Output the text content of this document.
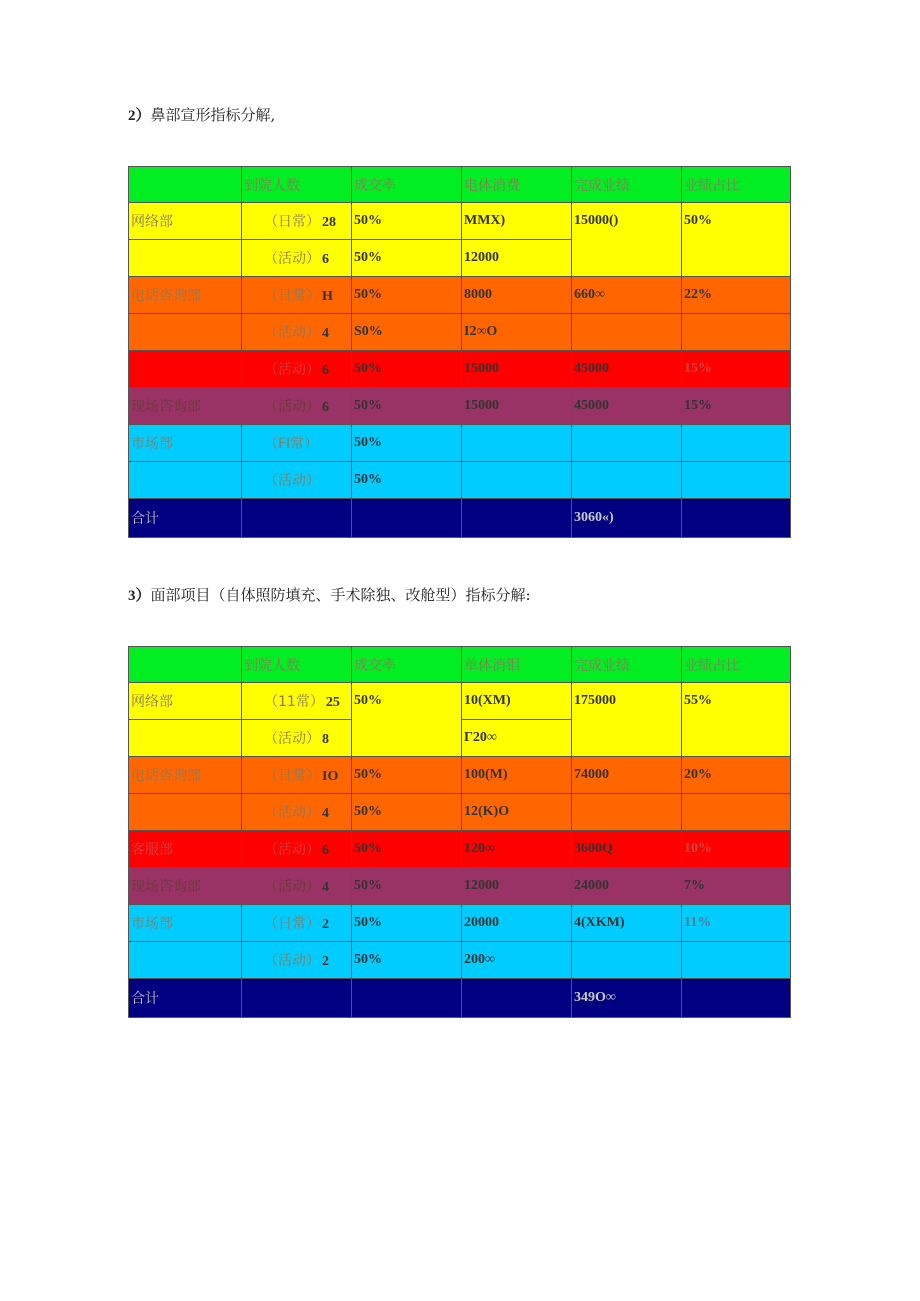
2）鼻部宣形指标分解,
	到院人数	成交率	电体消费	完成业绩	业绩占比
网络部	（日常） 28	50%	MMX)	15000()	50%
	（活动） 6	50%	12000		
电话咨询部	（日常） H	50%	8000	660∞	22%
	（活动） 4	S0%	I2∞O		
	（活动） 6	50%	15000	45000	15%
现场咨询部	（活动） 6	50%	15000	45000	15%
市场部	（FI常）	50%			
	（活动）	50%			
合计				3060«)	
3）面部项目（自体照防填充、手术除独、改舱型）指标分解:
	到院人数	成交率	单体消钼	完成业绩	业绩占比
网络部	（11常） 25	50%	10(XM)	175000	55%
	（活动） 8		Γ20∞		
电话咨询部	（日常） IO	50%	100(M)	74000	20%
	（活动） 4	50%	12(K)O		
客服部	（活动） 6	50%	120∞	3600Q	10%
现场咨询部	（活动） 4	50%	12000	24000	7%
市场部	（日常） 2	50%	20000	4(XKM)	11%
	（活动） 2	50%	200∞		
合计				349O∞	
